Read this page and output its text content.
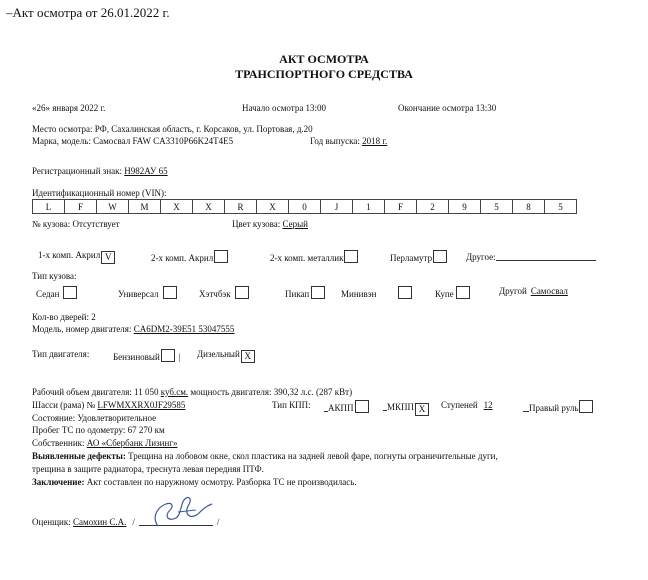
–Акт осмотра от 26.01.2022 г.
АКТ ОСМОТРА
ТРАНСПОРТНОГО СРЕДСТВА
«26» января 2022 г.	Начало осмотра 13:00	Окончание осмотра 13:30
Место осмотра: РФ, Сахалинская область, г. Корсаков, ул. Портовая, д.20
Марка, модель: Самосвал FAW CA3310P66K24T4E5	Год выпуска: 2018 г.
Регистрационный знак: Н982АУ 65
Идентификационный номер (VIN):
L	F	W	M	X	X	R	X	0	J	1	F	2	9	5	8	5
№ кузова: Отсутствует	Цвет кузова: Серый
1-х комп. Акрил V	2-х комп. Акрил	2-х комп. металлик	Перламутр	Другое:
Тип кузова:
Седан	Универсал	Хэтчбэк	Пикап	Минивэн	Купе	Другой Самосвал
Кол-во дверей: 2
Модель, номер двигателя: CA6DM2-39E51 53047555
Тип двигателя:	Бензиновый | Дизельный X
Рабочий объем двигателя: 11 050 куб.см. мощность двигателя: 390,32 л.с. (287 кВт)
Шасси (рама) № LFWMXXRX0JF29585	Тип КПП:	АКПП	МКПП X	Ступеней 12	Правый руль
Состояние: Удовлетворительное
Пробег ТС по одометру: 67 270 км
Собственник: АО «Сбербанк Лизинг»
Выявленные дефекты: Трещина на лобовом окне, скол пластика на задней левой фаре, погнуты ограничительные дуги,
трещина в защите радиатора, треснута левая передняя ПТФ.
Заключение: Акт составлен по наружному осмотру. Разборка ТС не производилась.
Оценщик: Самохин С.А. /	/
